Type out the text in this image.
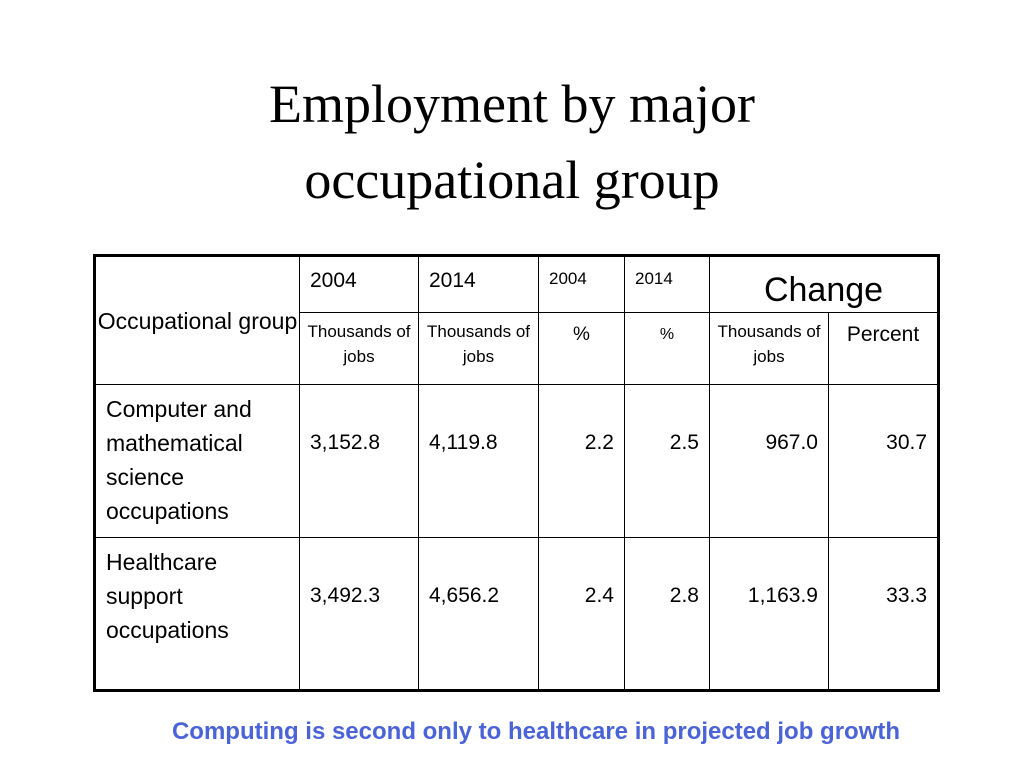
Employment by major
occupational group
Occupational group	2004	2014	2004	2014	Change	
	Thousands of jobs	Thousands of jobs	%	%	Thousands of jobs	Percent
Computer and mathematical science occupations	3,152.8	4,119.8	2.2	2.5	967.0	30.7
Healthcare support occupations	3,492.3	4,656.2	2.4	2.8	1,163.9	33.3
Computing is second only to healthcare in projected job growth
